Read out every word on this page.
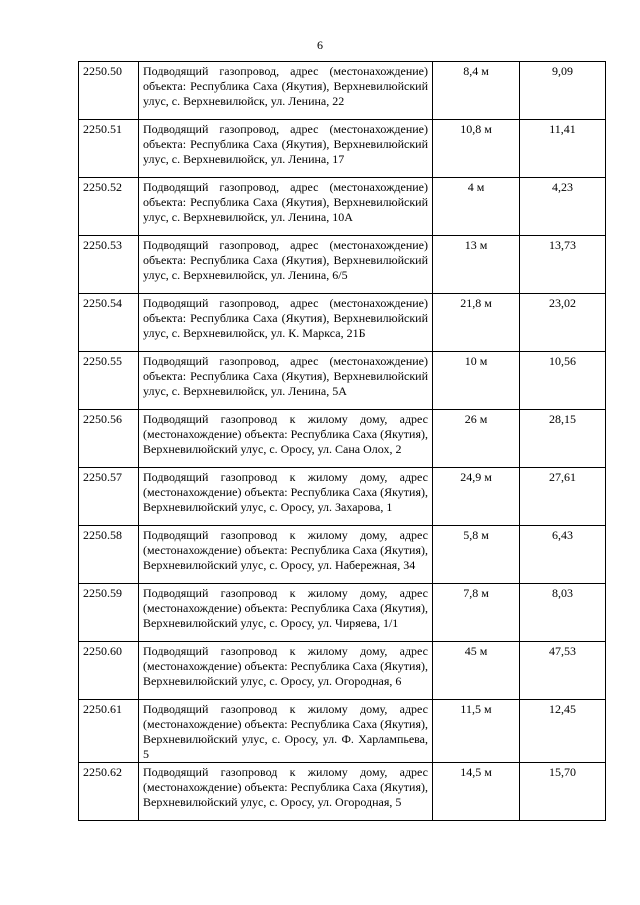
6
2250.50	Подводящий газопровод, адрес (местонахождение) объекта: Республика Саха (Якутия), Верхневилюйский улус, с. Верхневилюйск, ул. Ленина, 22	8,4 м	9,09
2250.51	Подводящий газопровод, адрес (местонахождение) объекта: Республика Саха (Якутия), Верхневилюйский улус, с. Верхневилюйск, ул. Ленина, 17	10,8 м	11,41
2250.52	Подводящий газопровод, адрес (местонахождение) объекта: Республика Саха (Якутия), Верхневилюйский улус, с. Верхневилюйск, ул. Ленина, 10А	4 м	4,23
2250.53	Подводящий газопровод, адрес (местонахождение) объекта: Республика Саха (Якутия), Верхневилюйский улус, с. Верхневилюйск, ул. Ленина, 6/5	13 м	13,73
2250.54	Подводящий газопровод, адрес (местонахождение) объекта: Республика Саха (Якутия), Верхневилюйский улус, с. Верхневилюйск, ул. К. Маркса, 21Б	21,8 м	23,02
2250.55	Подводящий газопровод, адрес (местонахождение) объекта: Республика Саха (Якутия), Верхневилюйский улус, с. Верхневилюйск, ул. Ленина, 5А	10 м	10,56
2250.56	Подводящий газопровод к жилому дому, адрес (местонахождение) объекта: Республика Саха (Якутия), Верхневилюйский улус, с. Оросу, ул. Сана Олох, 2	26 м	28,15
2250.57	Подводящий газопровод к жилому дому, адрес (местонахождение) объекта: Республика Саха (Якутия), Верхневилюйский улус, с. Оросу, ул. Захарова, 1	24,9 м	27,61
2250.58	Подводящий газопровод к жилому дому, адрес (местонахождение) объекта: Республика Саха (Якутия), Верхневилюйский улус, с. Оросу, ул. Набережная, 34	5,8 м	6,43
2250.59	Подводящий газопровод к жилому дому, адрес (местонахождение) объекта: Республика Саха (Якутия), Верхневилюйский улус, с. Оросу, ул. Чиряева, 1/1	7,8 м	8,03
2250.60	Подводящий газопровод к жилому дому, адрес (местонахождение) объекта: Республика Саха (Якутия), Верхневилюйский улус, с. Оросу, ул. Огородная, 6	45 м	47,53
2250.61	Подводящий газопровод к жилому дому, адрес (местонахождение) объекта: Республика Саха (Якутия), Верхневилюйский улус, с. Оросу, ул. Ф. Харлампьева, 5	11,5 м	12,45
2250.62	Подводящий газопровод к жилому дому, адрес (местонахождение) объекта: Республика Саха (Якутия), Верхневилюйский улус, с. Оросу, ул. Огородная, 5	14,5 м	15,70
